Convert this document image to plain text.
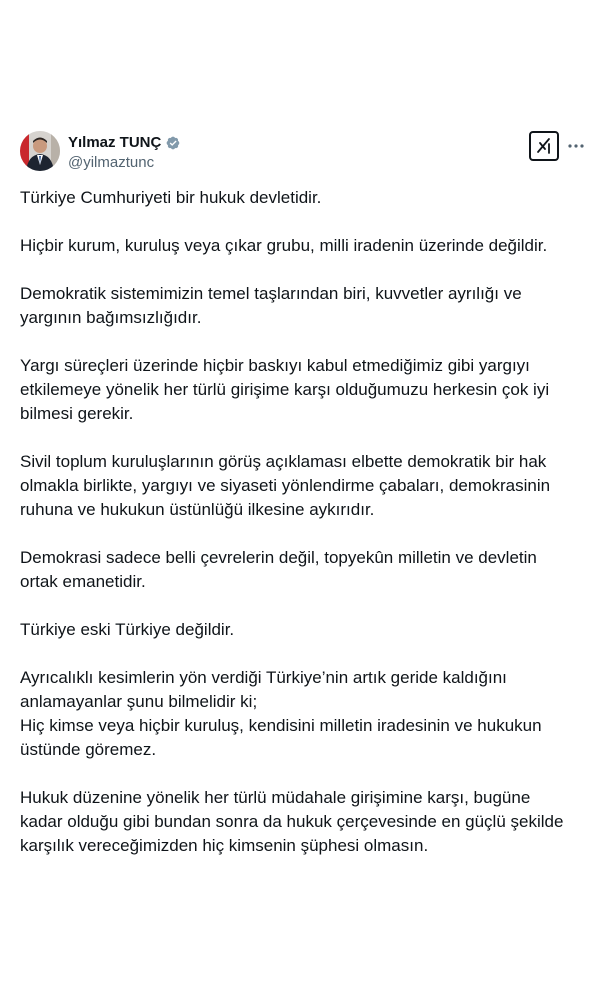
Yılmaz TUNÇ
@yilmaztunc

Türkiye Cumhuriyeti bir hukuk devletidir.

Hiçbir kurum, kuruluş veya çıkar grubu, milli iradenin üzerinde değildir.

Demokratik sistemimizin temel taşlarından biri, kuvvetler ayrılığı ve
yargının bağımsızlığıdır.

Yargı süreçleri üzerinde hiçbir baskıyı kabul etmediğimiz gibi yargıyı
etkilemeye yönelik her türlü girişime karşı olduğumuzu herkesin çok iyi
bilmesi gerekir.

Sivil toplum kuruluşlarının görüş açıklaması elbette demokratik bir hak
olmakla birlikte, yargıyı ve siyaseti yönlendirme çabaları, demokrasinin
ruhuna ve hukukun üstünlüğü ilkesine aykırıdır.

Demokrasi sadece belli çevrelerin değil, topyekûn milletin ve devletin
ortak emanetidir.

Türkiye eski Türkiye değildir.

Ayrıcalıklı kesimlerin yön verdiği Türkiye’nin artık geride kaldığını
anlamayanlar şunu bilmelidir ki;
Hiç kimse veya hiçbir kuruluş, kendisini milletin iradesinin ve hukukun
üstünde göremez.

Hukuk düzenine yönelik her türlü müdahale girişimine karşı, bugüne
kadar olduğu gibi bundan sonra da hukuk çerçevesinde en güçlü şekilde
karşılık vereceğimizden hiç kimsenin şüphesi olmasın.
